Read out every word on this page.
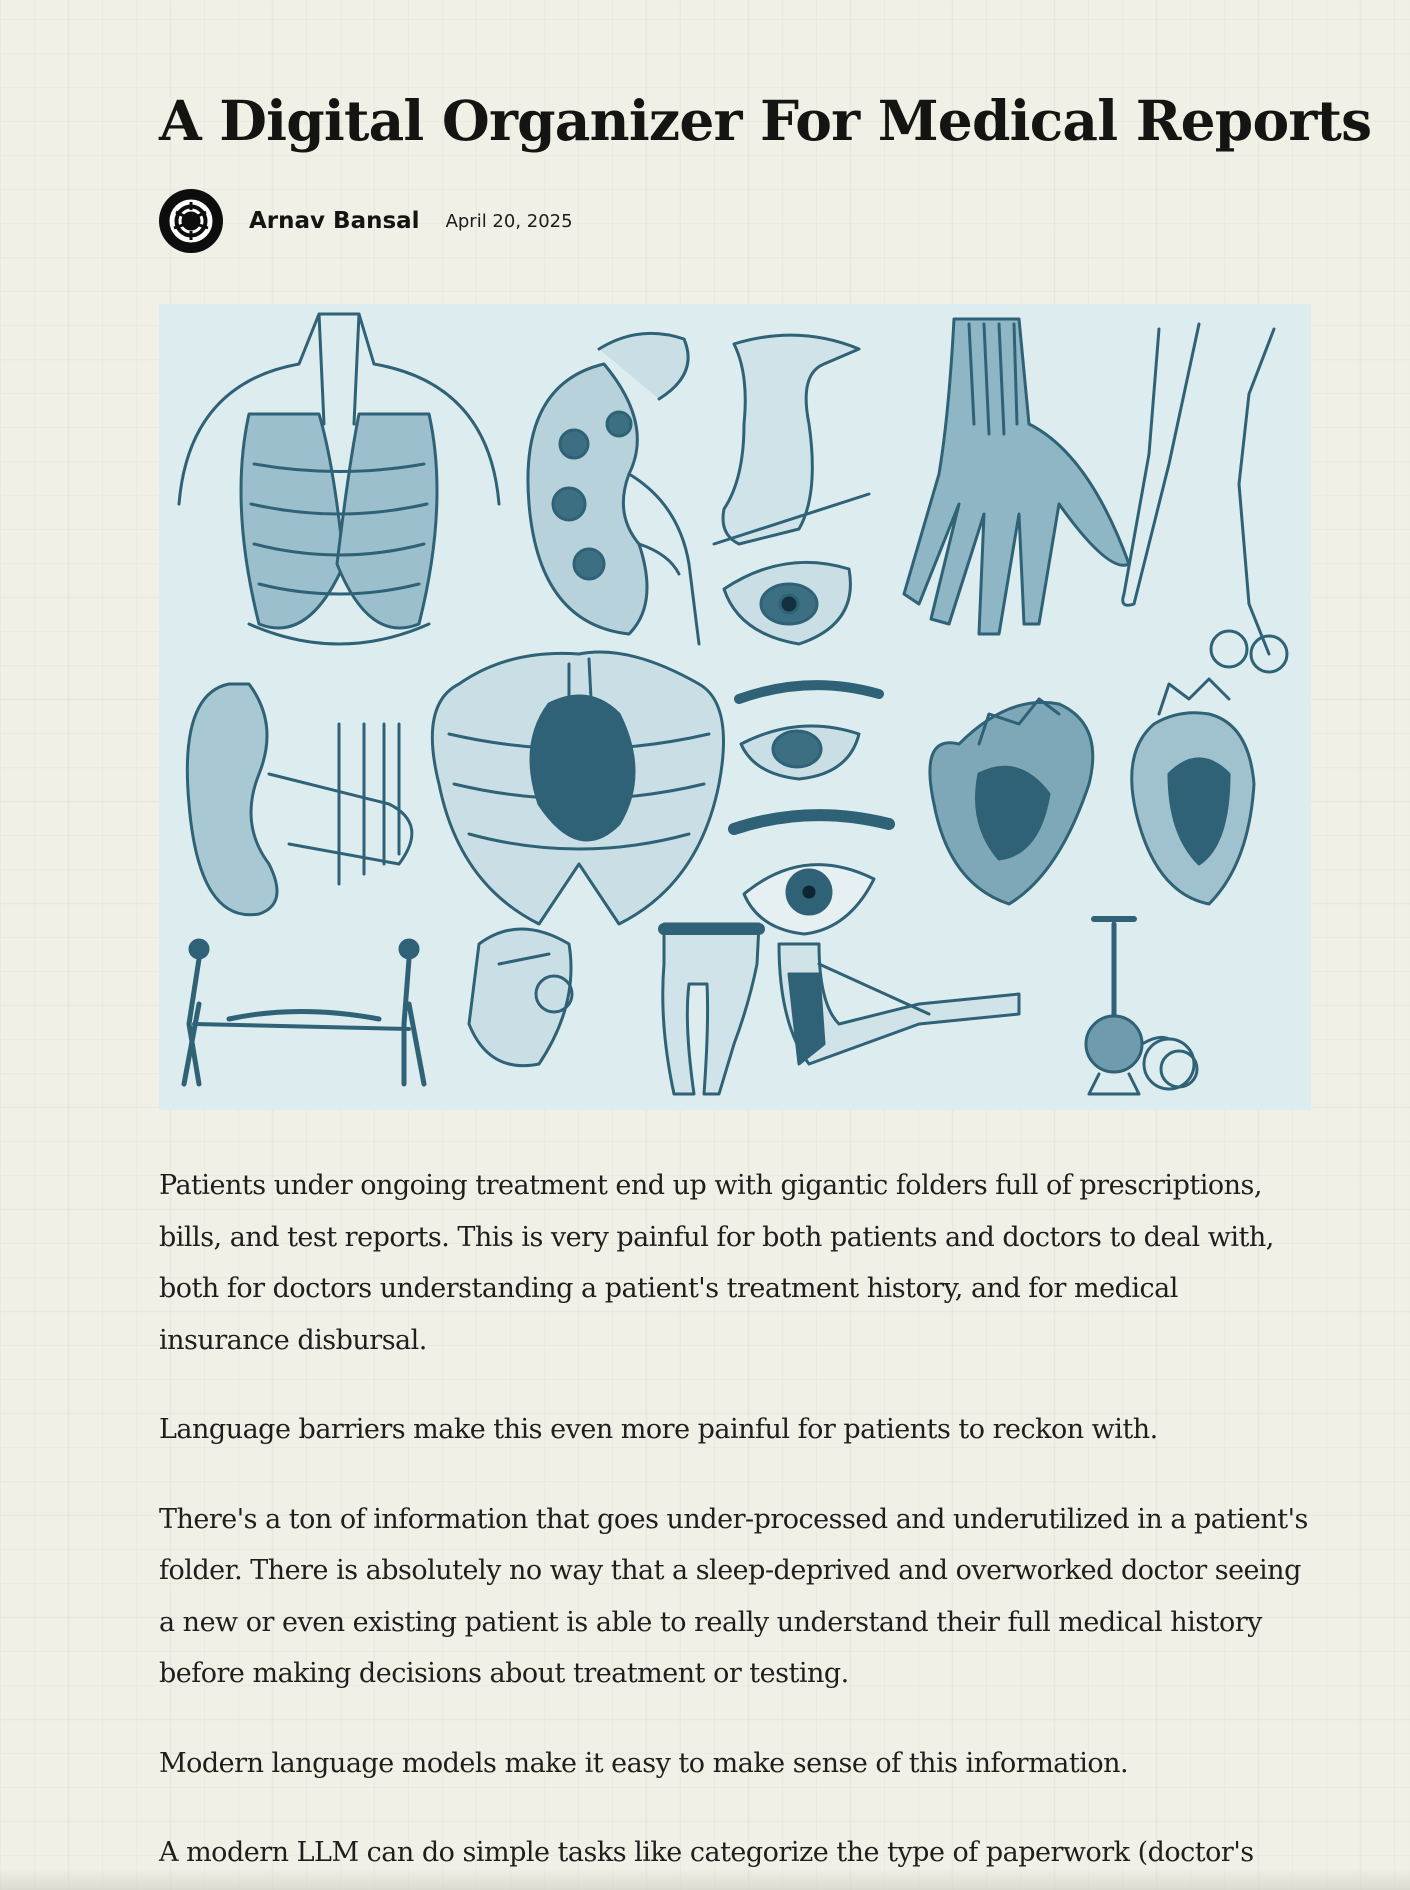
A Digital Organizer For Medical Reports
Arnav Bansal April 20, 2025

Patients under ongoing treatment end up with gigantic folders full of prescriptions, bills, and test reports. This is very painful for both patients and doctors to deal with, both for doctors understanding a patient's treatment history, and for medical insurance disbursal.

Language barriers make this even more painful for patients to reckon with.

There's a ton of information that goes under-processed and underutilized in a patient's folder. There is absolutely no way that a sleep-deprived and overworked doctor seeing a new or even existing patient is able to really understand their full medical history before making decisions about treatment or testing.

Modern language models make it easy to make sense of this information.

A modern LLM can do simple tasks like categorize the type of paperwork (doctor's
